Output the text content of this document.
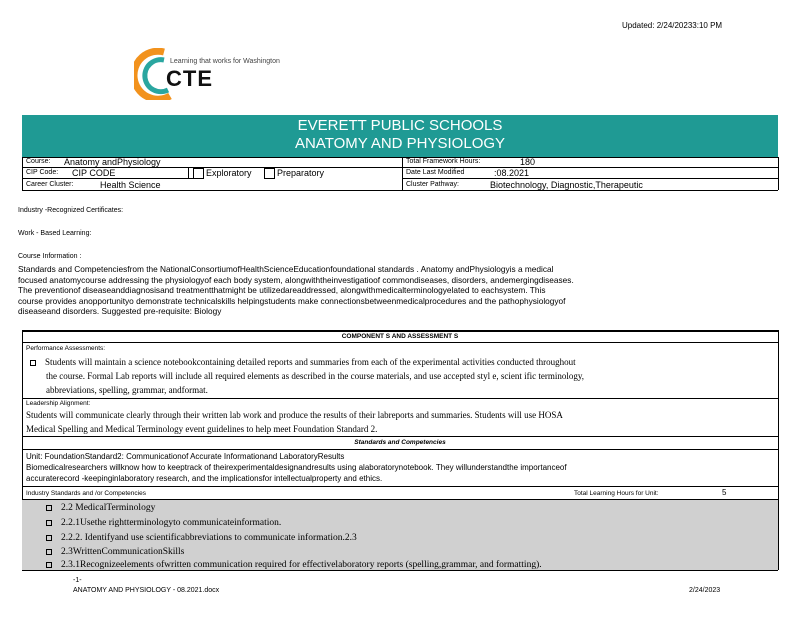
Updated: 2/24/20233:10 PM
Learning that works for Washington
CTE
EVERETT PUBLIC SCHOOLS
ANATOMY AND PHYSIOLOGY
Course: Anatomy andPhysiology	Total Framework Hours:	180
CIP Code: CIP CODE	Exploratory	Preparatory	Date Last Modified	:08.2021
Career Cluster:	Health Science	Cluster Pathway:	Biotechnology, Diagnostic,Therapeutic
Industry -Recognized Certificates:
Work - Based Learning:
Course Information :
Standards and Competenciesfrom the NationalConsortiumofHealthScienceEducationfoundational standards . Anatomy andPhysiologyis a medical
focused anatomycourse addressing the physiologyof each body system, alongwiththeinvestigatioof commondiseases, disorders, andemergingdiseases.
The preventionof diseaseanddiagnosisand treatmentthatmight be utilizedareaddressed, alongwithmedicalterminologyelated to eachsystem. This
course provides anopportunityo demonstrate technicalskills helpingstudents make connectionsbetweenmedicalprocedures and the pathophysiologyof
diseaseand disorders. Suggested pre-requisite: Biology
COMPONENT S AND ASSESSMENT S
Performance Assessments:
Students will maintain a science notebookcontaining detailed reports and summaries from each of the experimental activities conducted throughout
the course. Formal Lab reports will include all required elements as described in the course materials, and use accepted styl e, scient ific terminology,
abbreviations, spelling, grammar, andformat.
Leadership Alignment:
Students will communicate clearly through their written lab work and produce the results of their labreports and summaries. Students will use HOSA
Medical Spelling and Medical Terminology event guidelines to help meet Foundation Standard 2.
Standards and Competencies
Unit: FoundationStandard2: Communicationof Accurate Informationand LaboratoryResults
Biomedicalresearchers willknow how to keeptrack of theirexperimentaldesignandresults using alaboratorynotebook. They willunderstandthe importanceof
accuraterecord -keepinginlaboratory research, and the implicationsfor intellectualproperty and ethics.
Industry Standards and /or Competencies	Total Learning Hours for Unit:	5
2.2 MedicalTerminology
2.2.1Usethe rightterminologyto communicateinformation.
2.2.2. Identifyand use scientificabbreviations to communicate information.2.3
2.3WrittenCommunicationSkills
2.3.1Recognizeelements ofwritten communication required for effectivelaboratory reports (spelling,grammar, and formatting).
-1-
ANATOMY AND PHYSIOLOGY - 08.2021.docx	2/24/2023
